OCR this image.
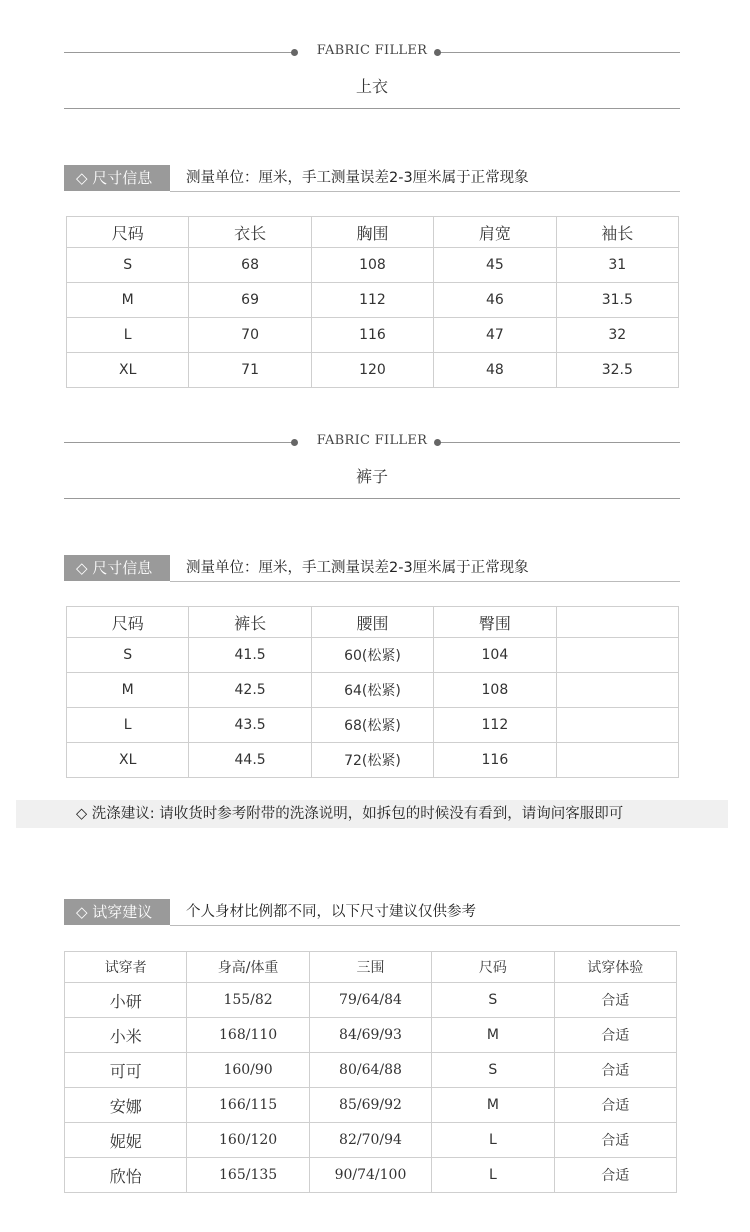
FABRIC FILLER
上衣
◇ 尺寸信息	测量单位：厘米，手工测量误差2-3厘米属于正常现象
尺码	衣长	胸围	肩宽	袖长
S	68	108	45	31
M	69	112	46	31.5
L	70	116	47	32
XL	71	120	48	32.5
FABRIC FILLER
裤子
◇ 尺寸信息	测量单位：厘米，手工测量误差2-3厘米属于正常现象
尺码	裤长	腰围	臀围	
S	41.5	60(松紧)	104	
M	42.5	64(松紧)	108	
L	43.5	68(松紧)	112	
XL	44.5	72(松紧)	116	
◇ 洗涤建议: 请收货时参考附带的洗涤说明，如拆包的时候没有看到，请询问客服即可
◇ 试穿建议	个人身材比例都不同，以下尺寸建议仅供参考
试穿者	身高/体重	三围	尺码	试穿体验
小研	155/82	79/64/84	S	合适
小米	168/110	84/69/93	M	合适
可可	160/90	80/64/88	S	合适
安娜	166/115	85/69/92	M	合适
妮妮	160/120	82/70/94	L	合适
欣怡	165/135	90/74/100	L	合适
